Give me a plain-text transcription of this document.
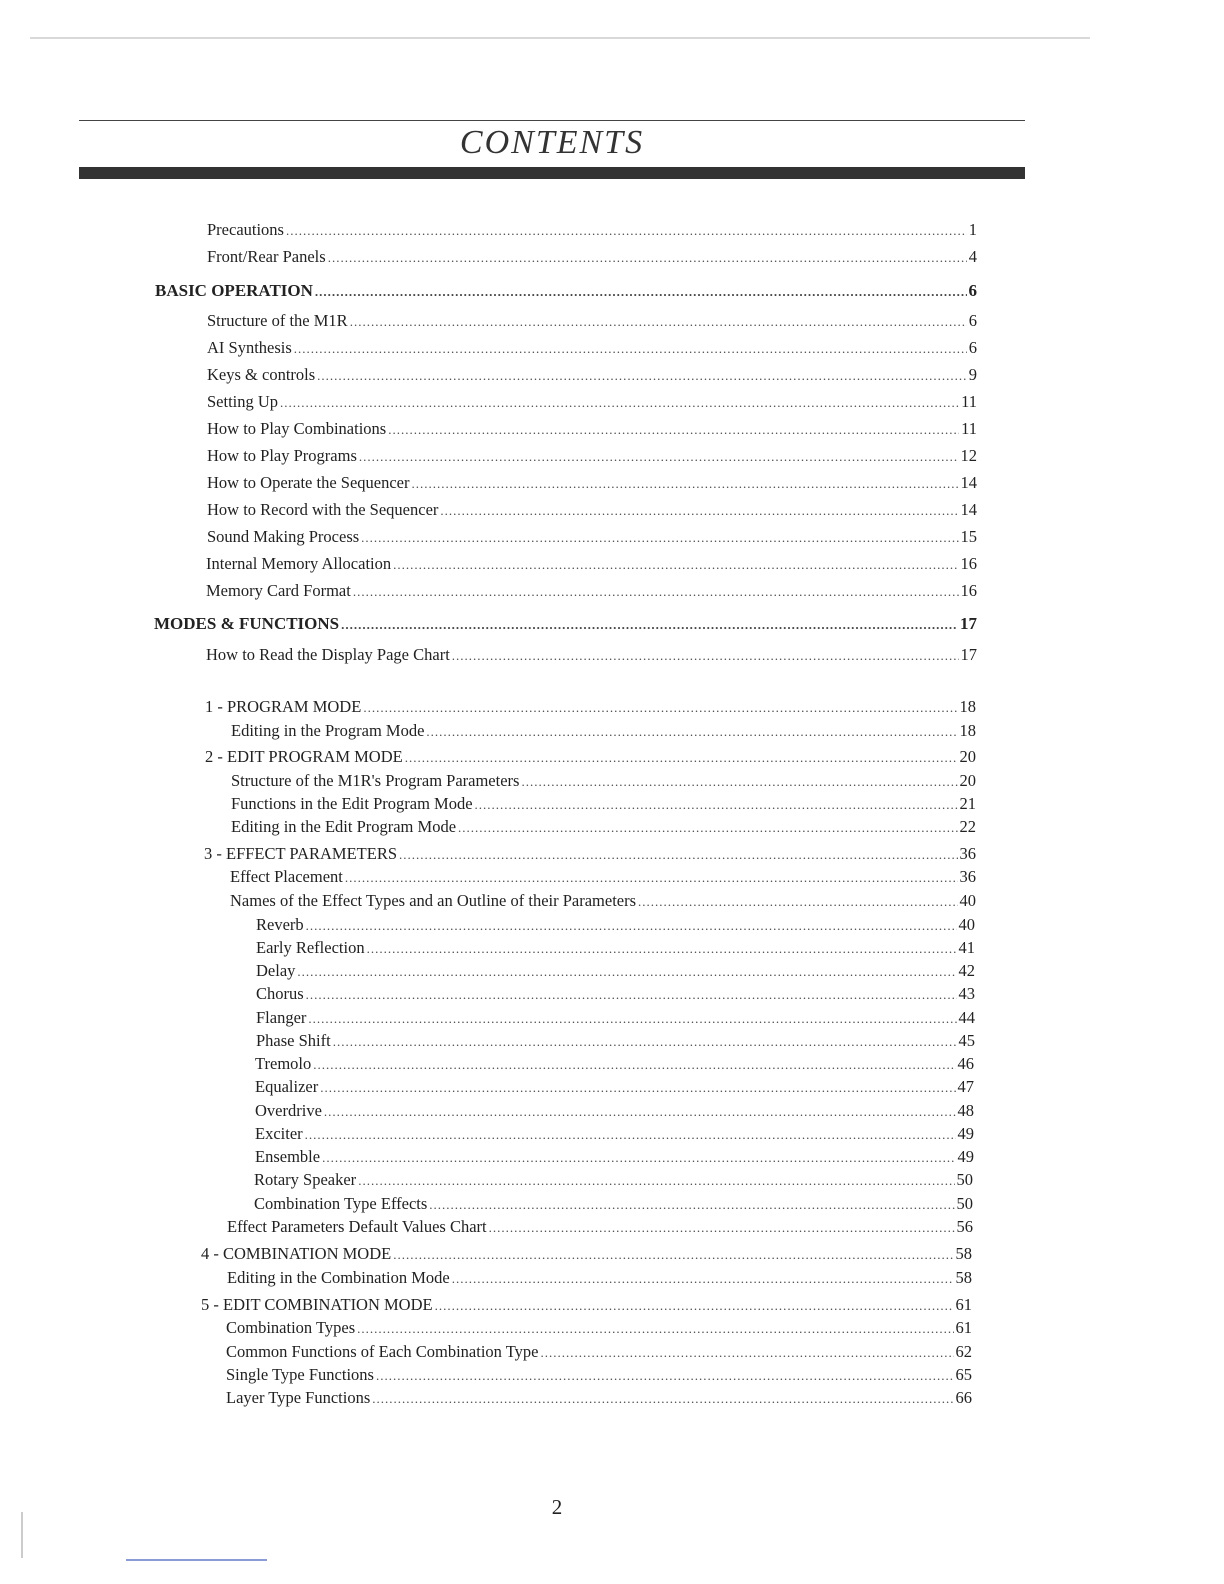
CONTENTS
Precautions .....	1
Front/Rear Panels .....	4
BASIC OPERATION .....	6
Structure of the M1R .....	6
AI Synthesis .....	6
Keys & controls .....	9
Setting Up .....	11
How to Play Combinations .....	11
How to Play Programs .....	12
How to Operate the Sequencer .....	14
How to Record with the Sequencer .....	14
Sound Making Process .....	15
Internal Memory Allocation .....	16
Memory Card Format .....	16
MODES & FUNCTIONS .....	17
How to Read the Display Page Chart .....	17
1 - PROGRAM MODE .....	18
Editing in the Program Mode .....	18
2 - EDIT PROGRAM MODE .....	20
Structure of the M1R's Program Parameters .....	20
Functions in the Edit Program Mode .....	21
Editing in the Edit Program Mode .....	22
3 - EFFECT PARAMETERS .....	36
Effect Placement .....	36
Names of the Effect Types and an Outline of their Parameters .....	40
Reverb .....	40
Early Reflection .....	41
Delay .....	42
Chorus .....	43
Flanger .....	44
Phase Shift .....	45
Tremolo .....	46
Equalizer .....	47
Overdrive .....	48
Exciter .....	49
Ensemble .....	49
Rotary Speaker .....	50
Combination Type Effects .....	50
Effect Parameters Default Values Chart .....	56
4 - COMBINATION MODE .....	58
Editing in the Combination Mode .....	58
5 - EDIT COMBINATION MODE .....	61
Combination Types .....	61
Common Functions of Each Combination Type .....	62
Single Type Functions .....	65
Layer Type Functions .....	66
2
